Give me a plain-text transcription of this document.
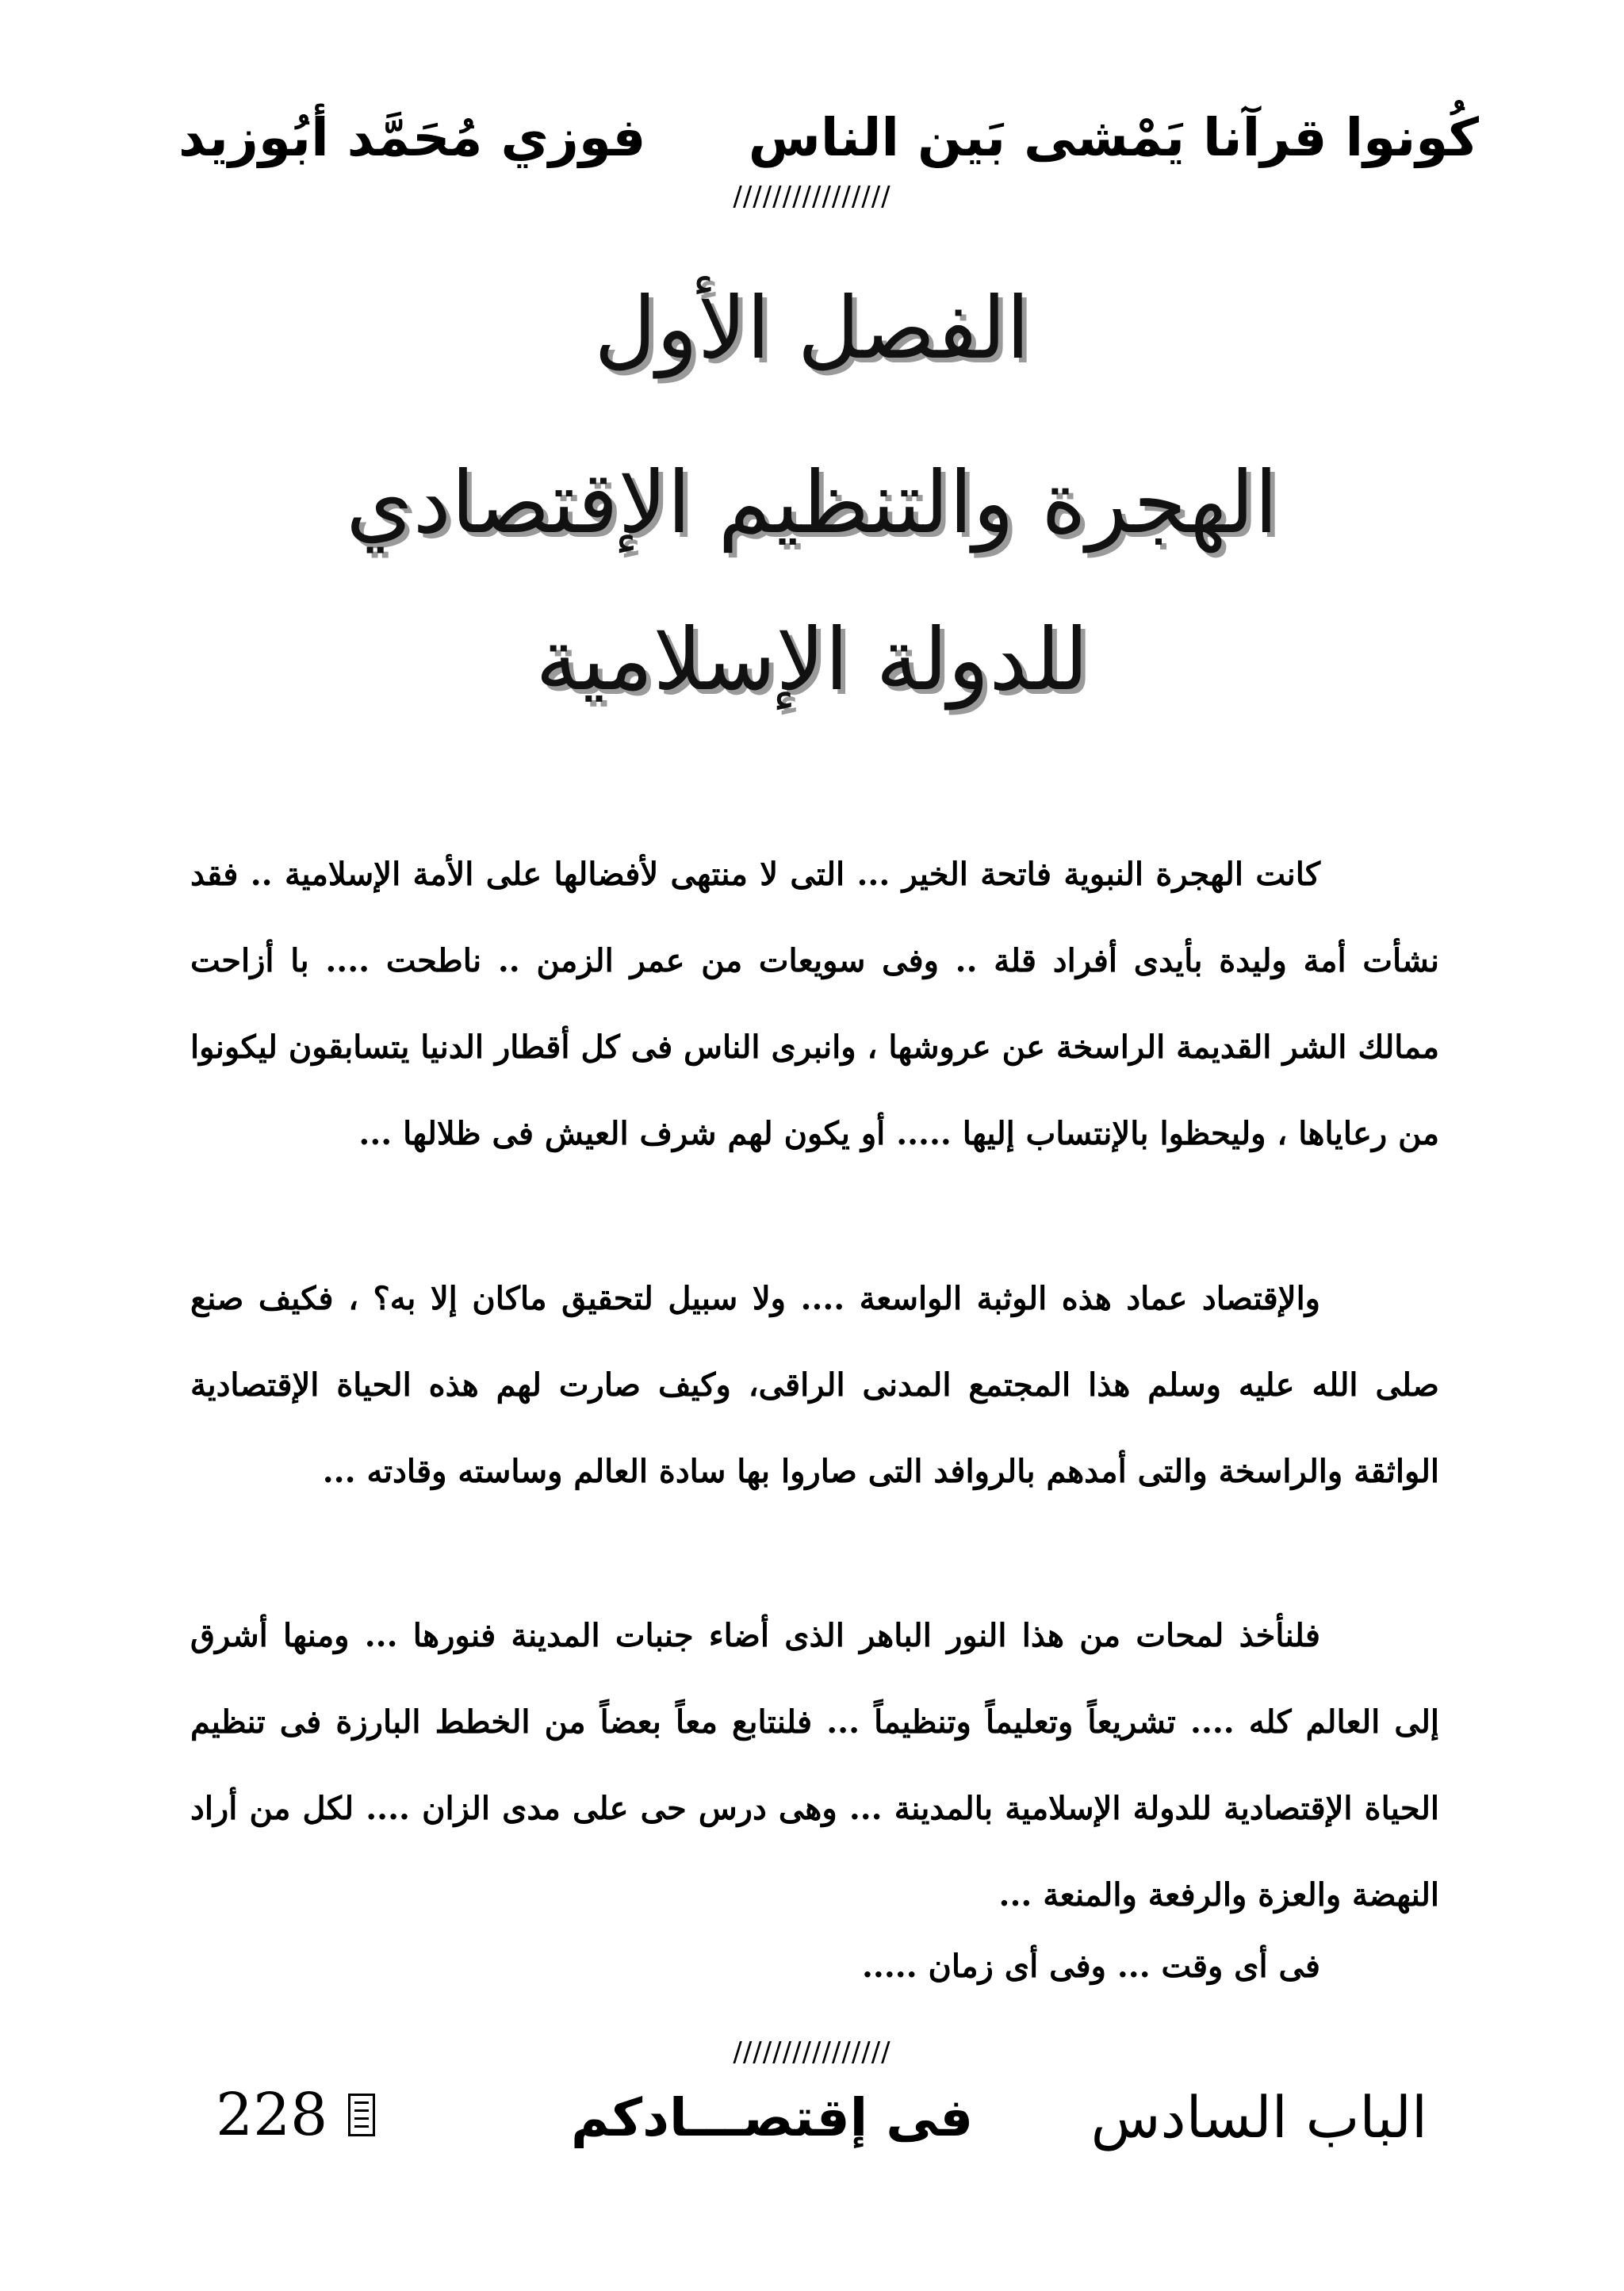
كُونوا قرآنا يَمْشى بَين الناس
فوزي مُحَمَّد أبُوزيد
////////////////
الفصل الأول
الهجرة والتنظيم الإقتصادي
للدولة الإسلامية

كانت الهجرة النبوية فاتحة الخير ... التى لا منتهى لأفضالها على الأمة الإسلامية .. فقد نشأت أمة وليدة بأيدى أفراد قلة .. وفى سويعات من عمر الزمن .. ناطحت .... با أزاحت ممالك الشر القديمة الراسخة عن عروشها ، وانبرى الناس فى كل أقطار الدنيا يتسابقون ليكونوا من رعاياها ، وليحظوا بالإنتساب إليها ..... أو يكون لهم شرف العيش فى ظلالها ...

والإقتصاد عماد هذه الوثبة الواسعة .... ولا سبيل لتحقيق ماكان إلا به؟ ، فكيف صنع صلى الله عليه وسلم هذا المجتمع المدنى الراقى، وكيف صارت لهم هذه الحياة الإقتصادية الواثقة والراسخة والتى أمدهم بالروافد التى صاروا بها سادة العالم وساسته وقادته ...

فلنأخذ لمحات من هذا النور الباهر الذى أضاء جنبات المدينة فنورها ... ومنها أشرق إلى العالم كله .... تشريعاً وتعليماً وتنظيماً ... فلنتابع معاً بعضاً من الخطط البارزة فى تنظيم الحياة الإقتصادية للدولة الإسلامية بالمدينة ... وهى درس حى على مدى الزان .... لكل من أراد النهضة والعزة والرفعة والمنعة ...

فى أى وقت ... وفى أى زمان .....

////////////////
الباب السادس
فى إقتصـــادكم
228
